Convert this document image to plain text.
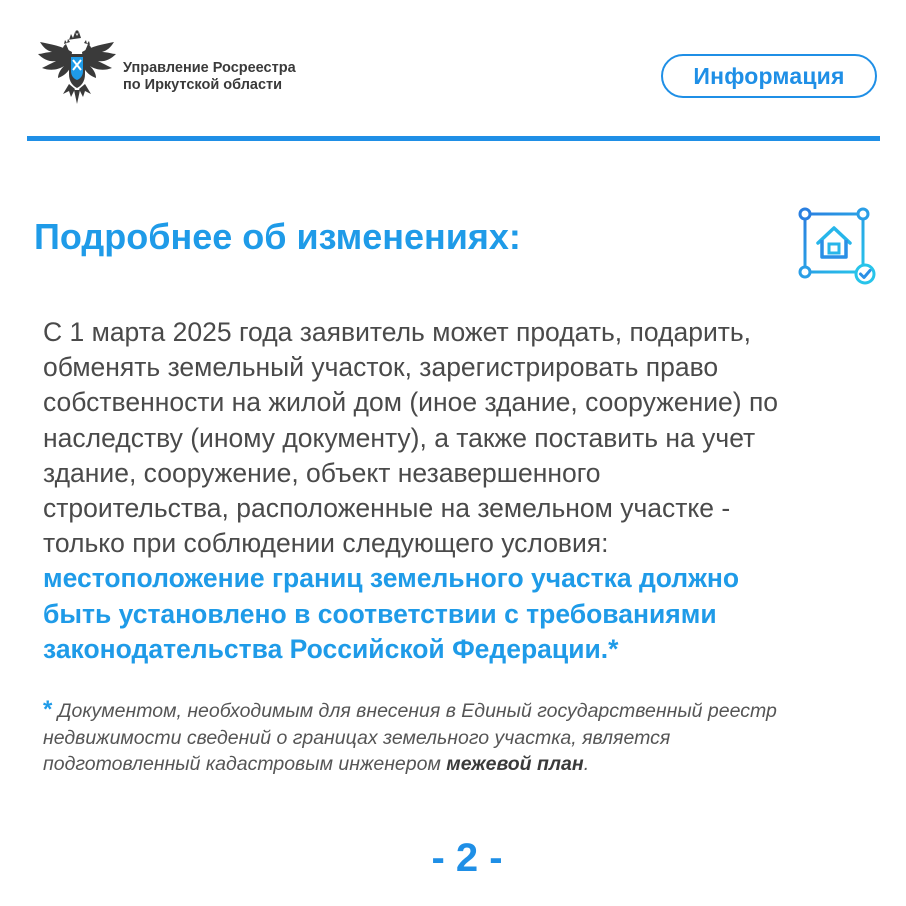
Управление Росреестра
по Иркутской области	Информация
Подробнее об изменениях:
С 1 марта 2025 года заявитель может продать, подарить,
обменять земельный участок, зарегистрировать право
собственности на жилой дом (иное здание, сооружение) по
наследству (иному документу), а также поставить на учет
здание, сооружение, объект незавершенного
строительства, расположенные на земельном участке -
только при соблюдении следующего условия:
местоположение границ земельного участка должно
быть установлено в соответствии с требованиями
законодательства Российской Федерации.*
* Документом, необходимым для внесения в Единый государственный реестр
недвижимости сведений о границах земельного участка, является
подготовленный кадастровым инженером межевой план.
- 2 -
